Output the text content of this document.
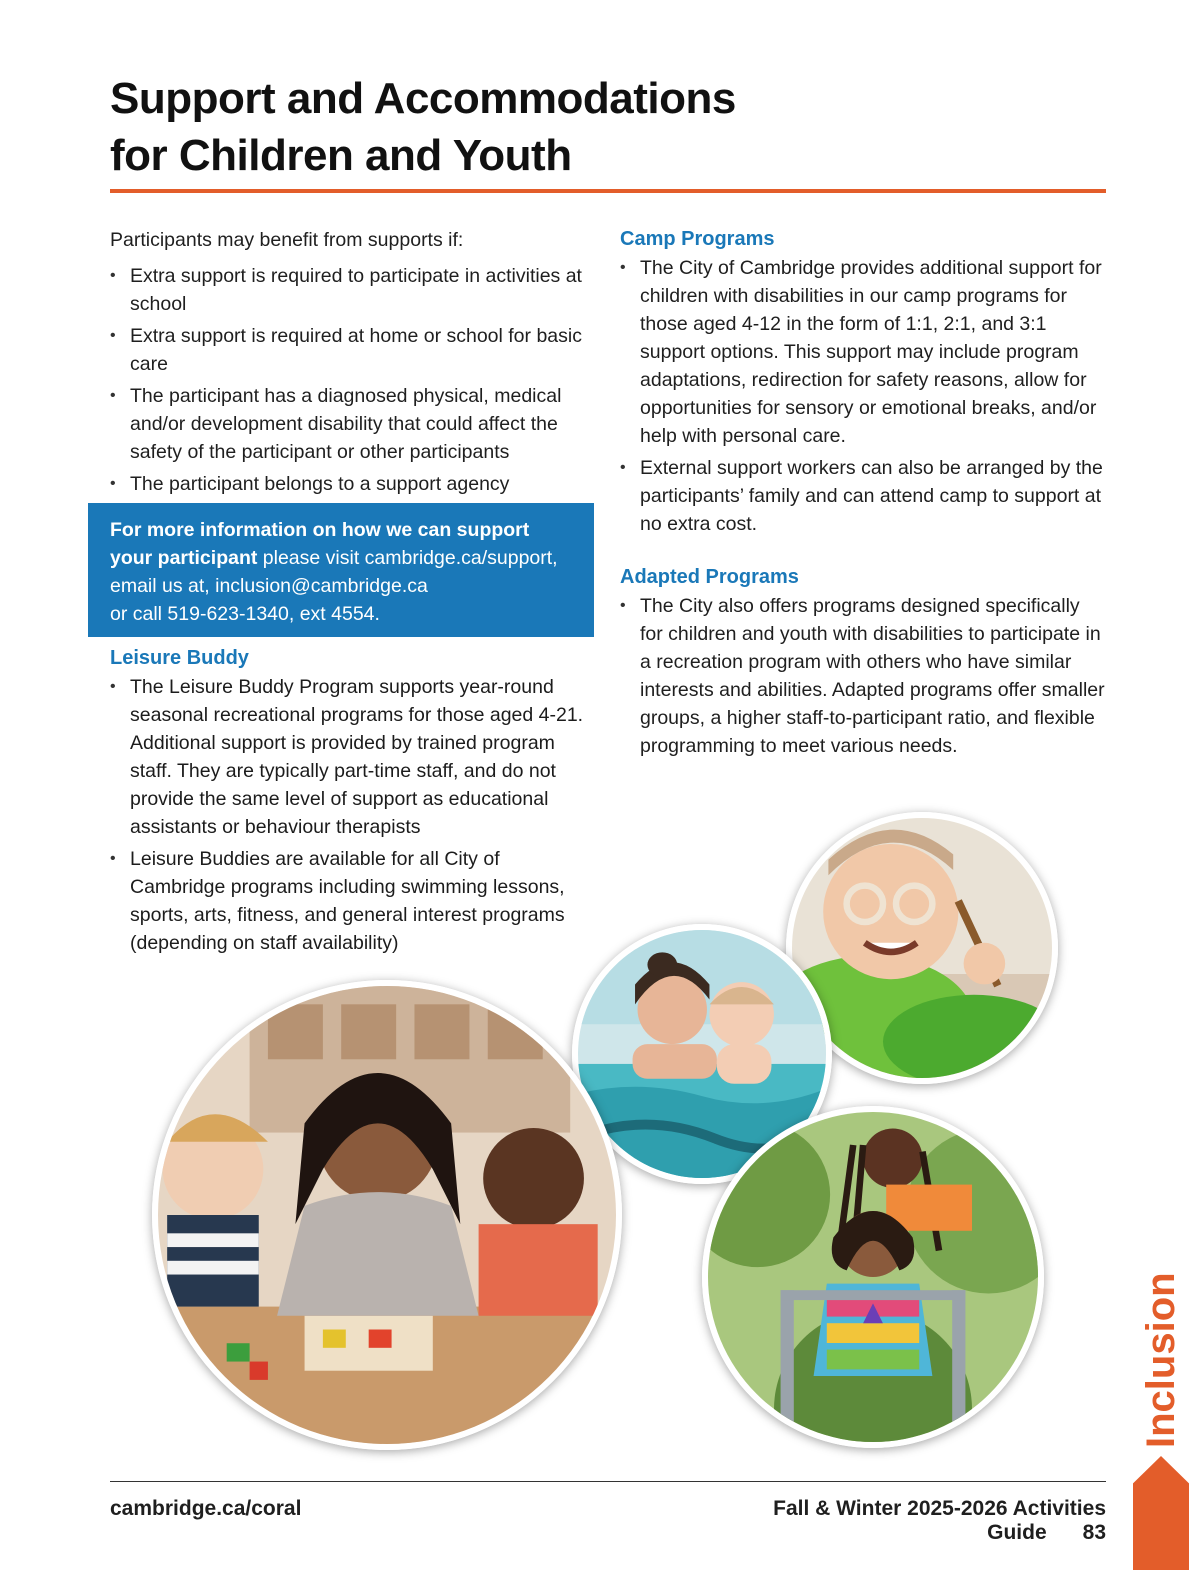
Support and Accommodations
for Children and Youth

Participants may benefit from supports if:

• Extra support is required to participate in activities at school
• Extra support is required at home or school for basic care
• The participant has a diagnosed physical, medical and/or development disability that could affect the safety of the participant or other participants
• The participant belongs to a support agency
For more information on how we can support your participant please visit cambridge.ca/support, email us at, inclusion@cambridge.ca
or call 519-623-1340, ext 4554.
Leisure Buddy
• The Leisure Buddy Program supports year-round seasonal recreational programs for those aged 4-21. Additional support is provided by trained program staff. They are typically part-time staff, and do not provide the same level of support as educational assistants or behaviour therapists
• Leisure Buddies are available for all City of Cambridge programs including swimming lessons, sports, arts, fitness, and general interest programs (depending on staff availability)
Camp Programs
• The City of Cambridge provides additional support for children with disabilities in our camp programs for those aged 4-12 in the form of 1:1, 2:1, and 3:1 support options. This support may include program adaptations, redirection for safety reasons, allow for opportunities for sensory or emotional breaks, and/or help with personal care.
• External support workers can also be arranged by the participants’ family and can attend camp to support at no extra cost.
Adapted Programs
• The City also offers programs designed specifically for children and youth with disabilities to participate in a recreation program with others who have similar interests and abilities. Adapted programs offer smaller groups, a higher staff-to-participant ratio, and flexible programming to meet various needs.
Inclusion
cambridge.ca/coral	Fall & Winter 2025-2026 Activities Guide 83
